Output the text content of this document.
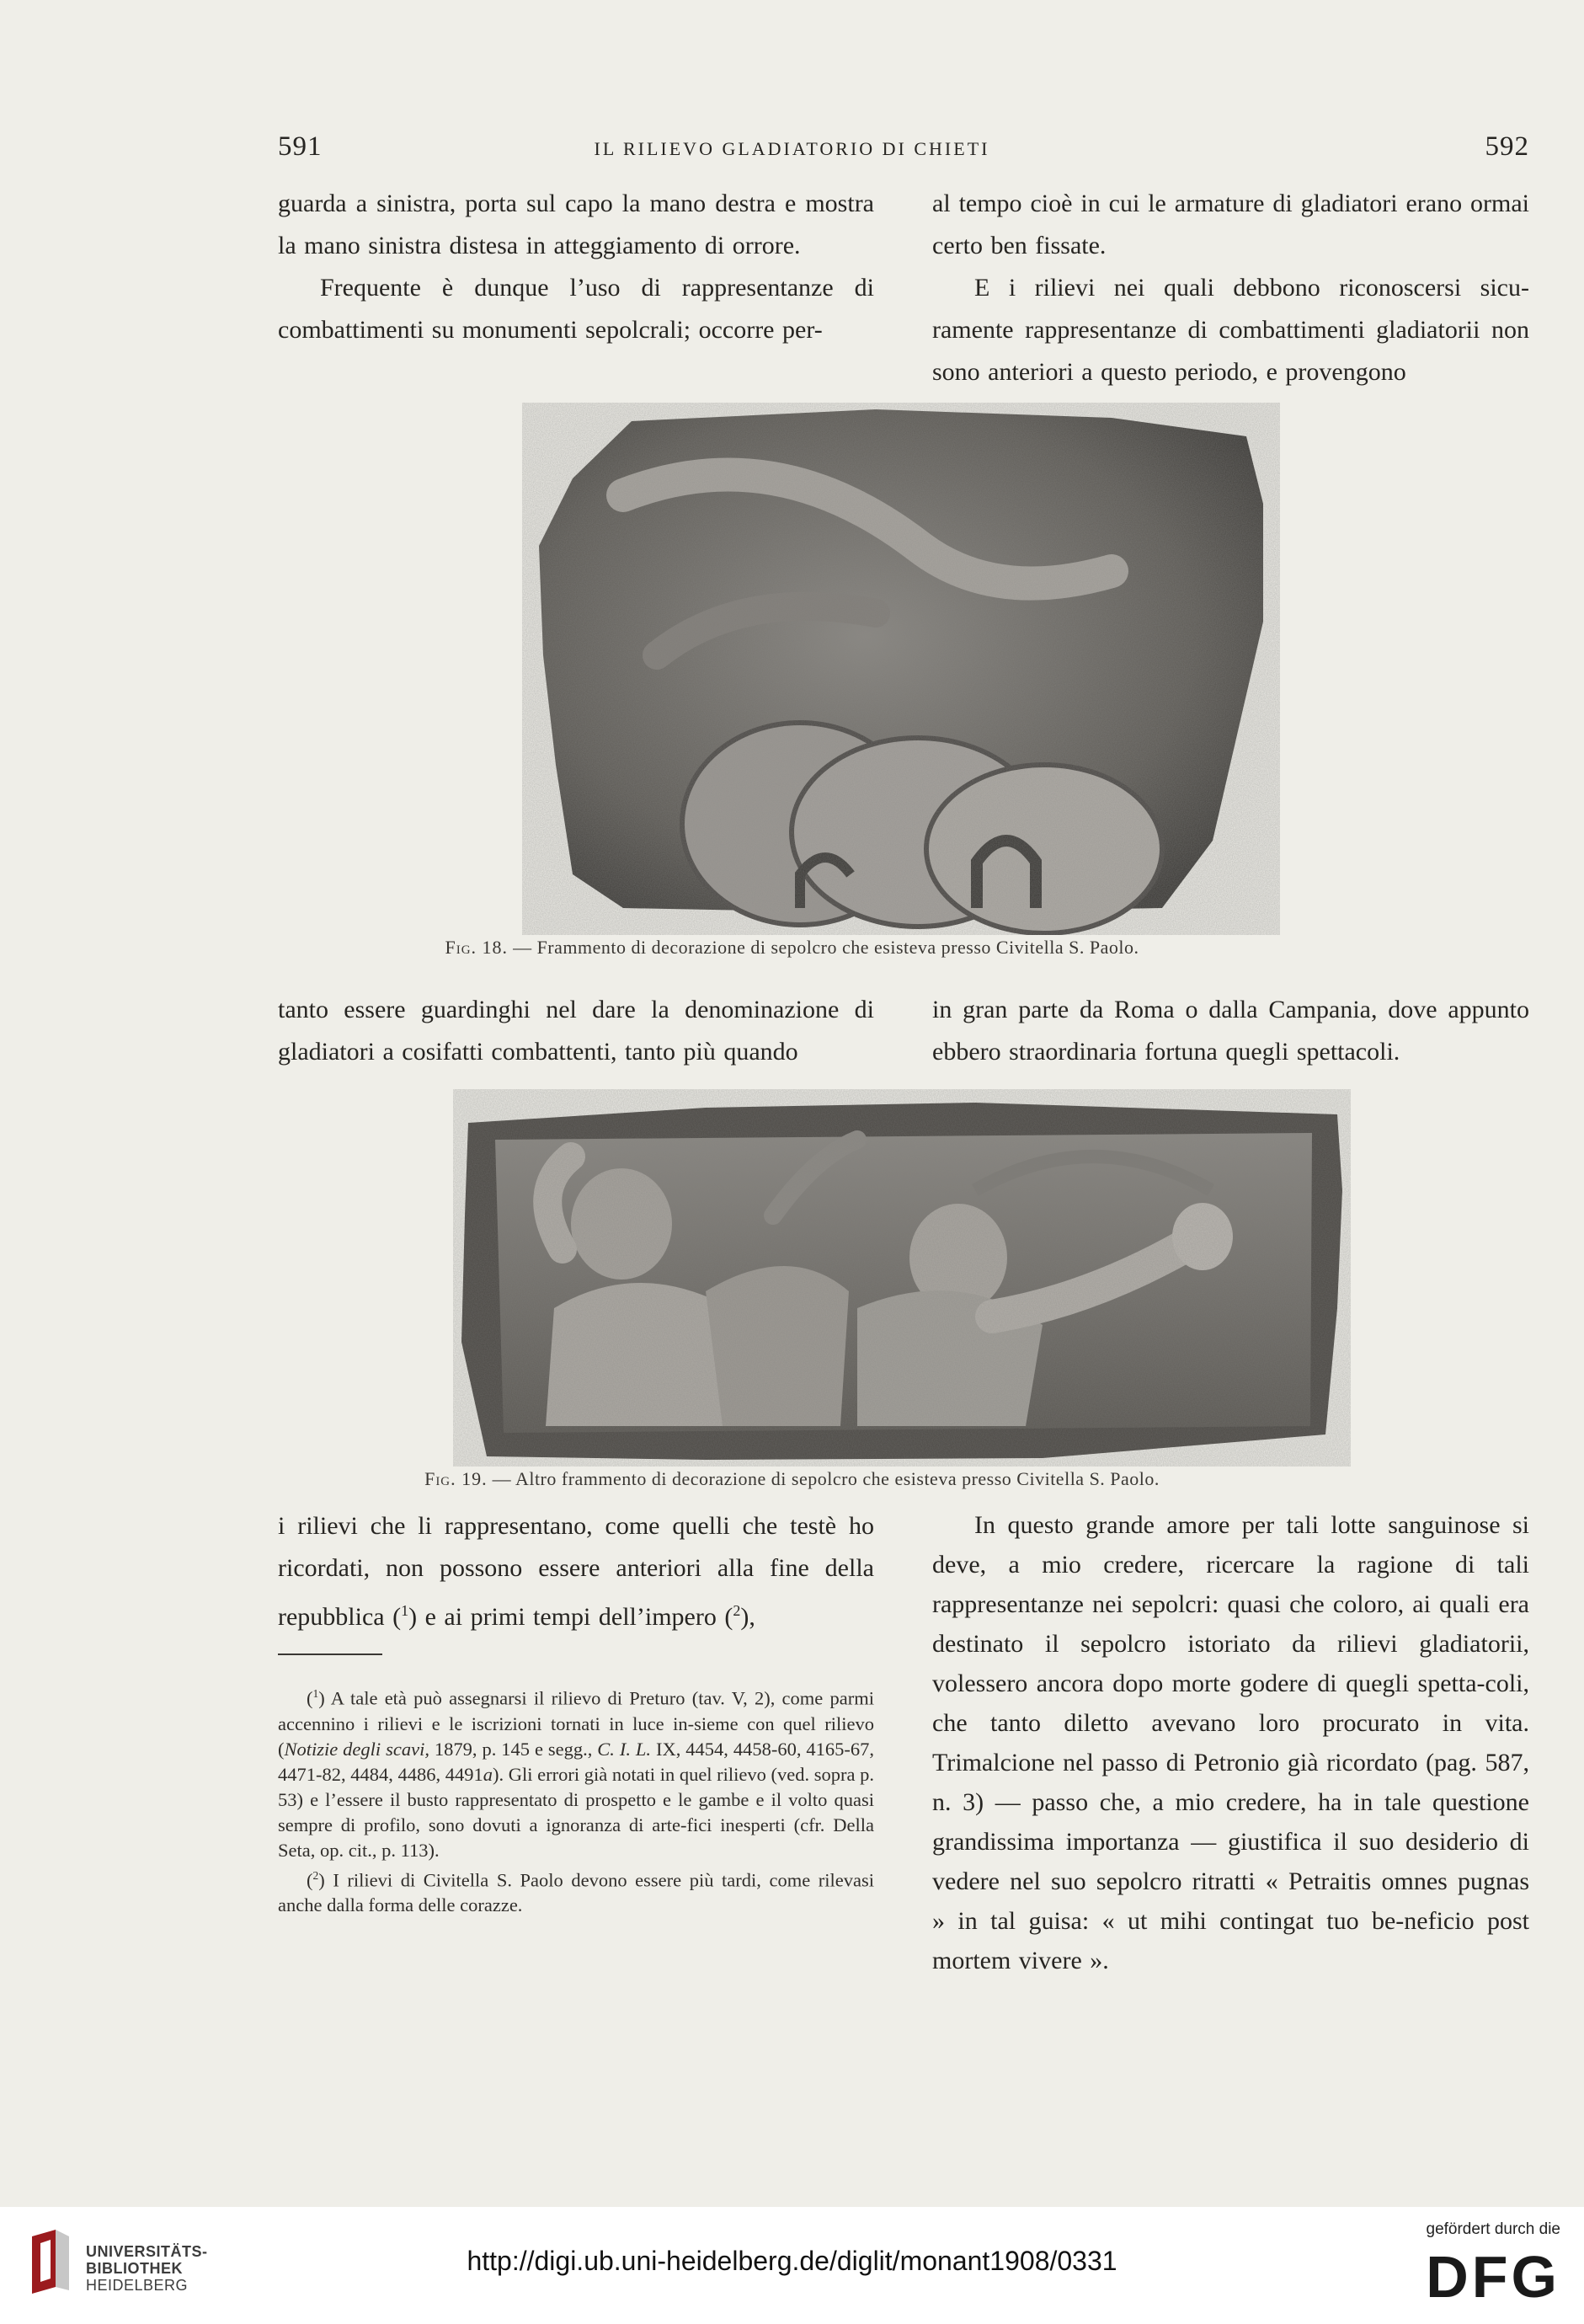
591	IL RILIEVO GLADIATORIO DI CHIETI	592

guarda a sinistra, porta sul capo la mano destra e mostra la mano sinistra distesa in atteggiamento di orrore.

Frequente è dunque l’uso di rappresentanze di combattimenti su monumenti sepolcrali; occorre per-

al tempo cioè in cui le armature di gladiatori erano ormai certo ben fissate.

E i rilievi nei quali debbono riconoscersi sicu-ramente rappresentanze di combattimenti gladiatorii non sono anteriori a questo periodo, e provengono

Fig. 18. — Frammento di decorazione di sepolcro che esisteva presso Civitella S. Paolo.

tanto essere guardinghi nel dare la denominazione di gladiatori a cosifatti combattenti, tanto più quando

in gran parte da Roma o dalla Campania, dove appunto ebbero straordinaria fortuna quegli spettacoli.

Fig. 19. — Altro frammento di decorazione di sepolcro che esisteva presso Civitella S. Paolo.

i rilievi che li rappresentano, come quelli che testè ho ricordati, non possono essere anteriori alla fine della repubblica ($^1$) e ai primi tempi dell’impero ($^2$),

In questo grande amore per tali lotte sanguinose si deve, a mio credere, ricercare la ragione di tali rappresentanze nei sepolcri: quasi che coloro, ai quali era destinato il sepolcro istoriato da rilievi gladiatorii, volessero ancora dopo morte godere di quegli spetta-coli, che tanto diletto avevano loro procurato in vita. Trimalcione nel passo di Petronio già ricordato (pag. 587, n. 3) — passo che, a mio credere, ha in tale questione grandissima importanza — giustifica il suo desiderio di vedere nel suo sepolcro ritratti « Petraitis omnes pugnas » in tal guisa: « ut mihi contingat tuo be-neficio post mortem vivere ».

($^1$) A tale età può assegnarsi il rilievo di Preturo (tav. V, 2), come parmi accennino i rilievi e le iscrizioni tornati in luce in-sieme con quel rilievo (Notizie degli scavi, 1879, p. 145 e segg., C. I. L. IX, 4454, 4458-60, 4165-67, 4471-82, 4484, 4486, 4491a). Gli errori già notati in quel rilievo (ved. sopra p. 53) e l’essere il busto rappresentato di prospetto e le gambe e il volto quasi sempre di profilo, sono dovuti a ignoranza di arte-fici inesperti (cfr. Della Seta, op. cit., p. 113).

($^2$) I rilievi di Civitella S. Paolo devono essere più tardi, come rilevasi anche dalla forma delle corazze.

UNIVERSITÄTS-
BIBLIOTHEK
HEIDELBERG
http://digi.ub.uni-heidelberg.de/diglit/monant1908/0331
gefördert durch die
DFG
